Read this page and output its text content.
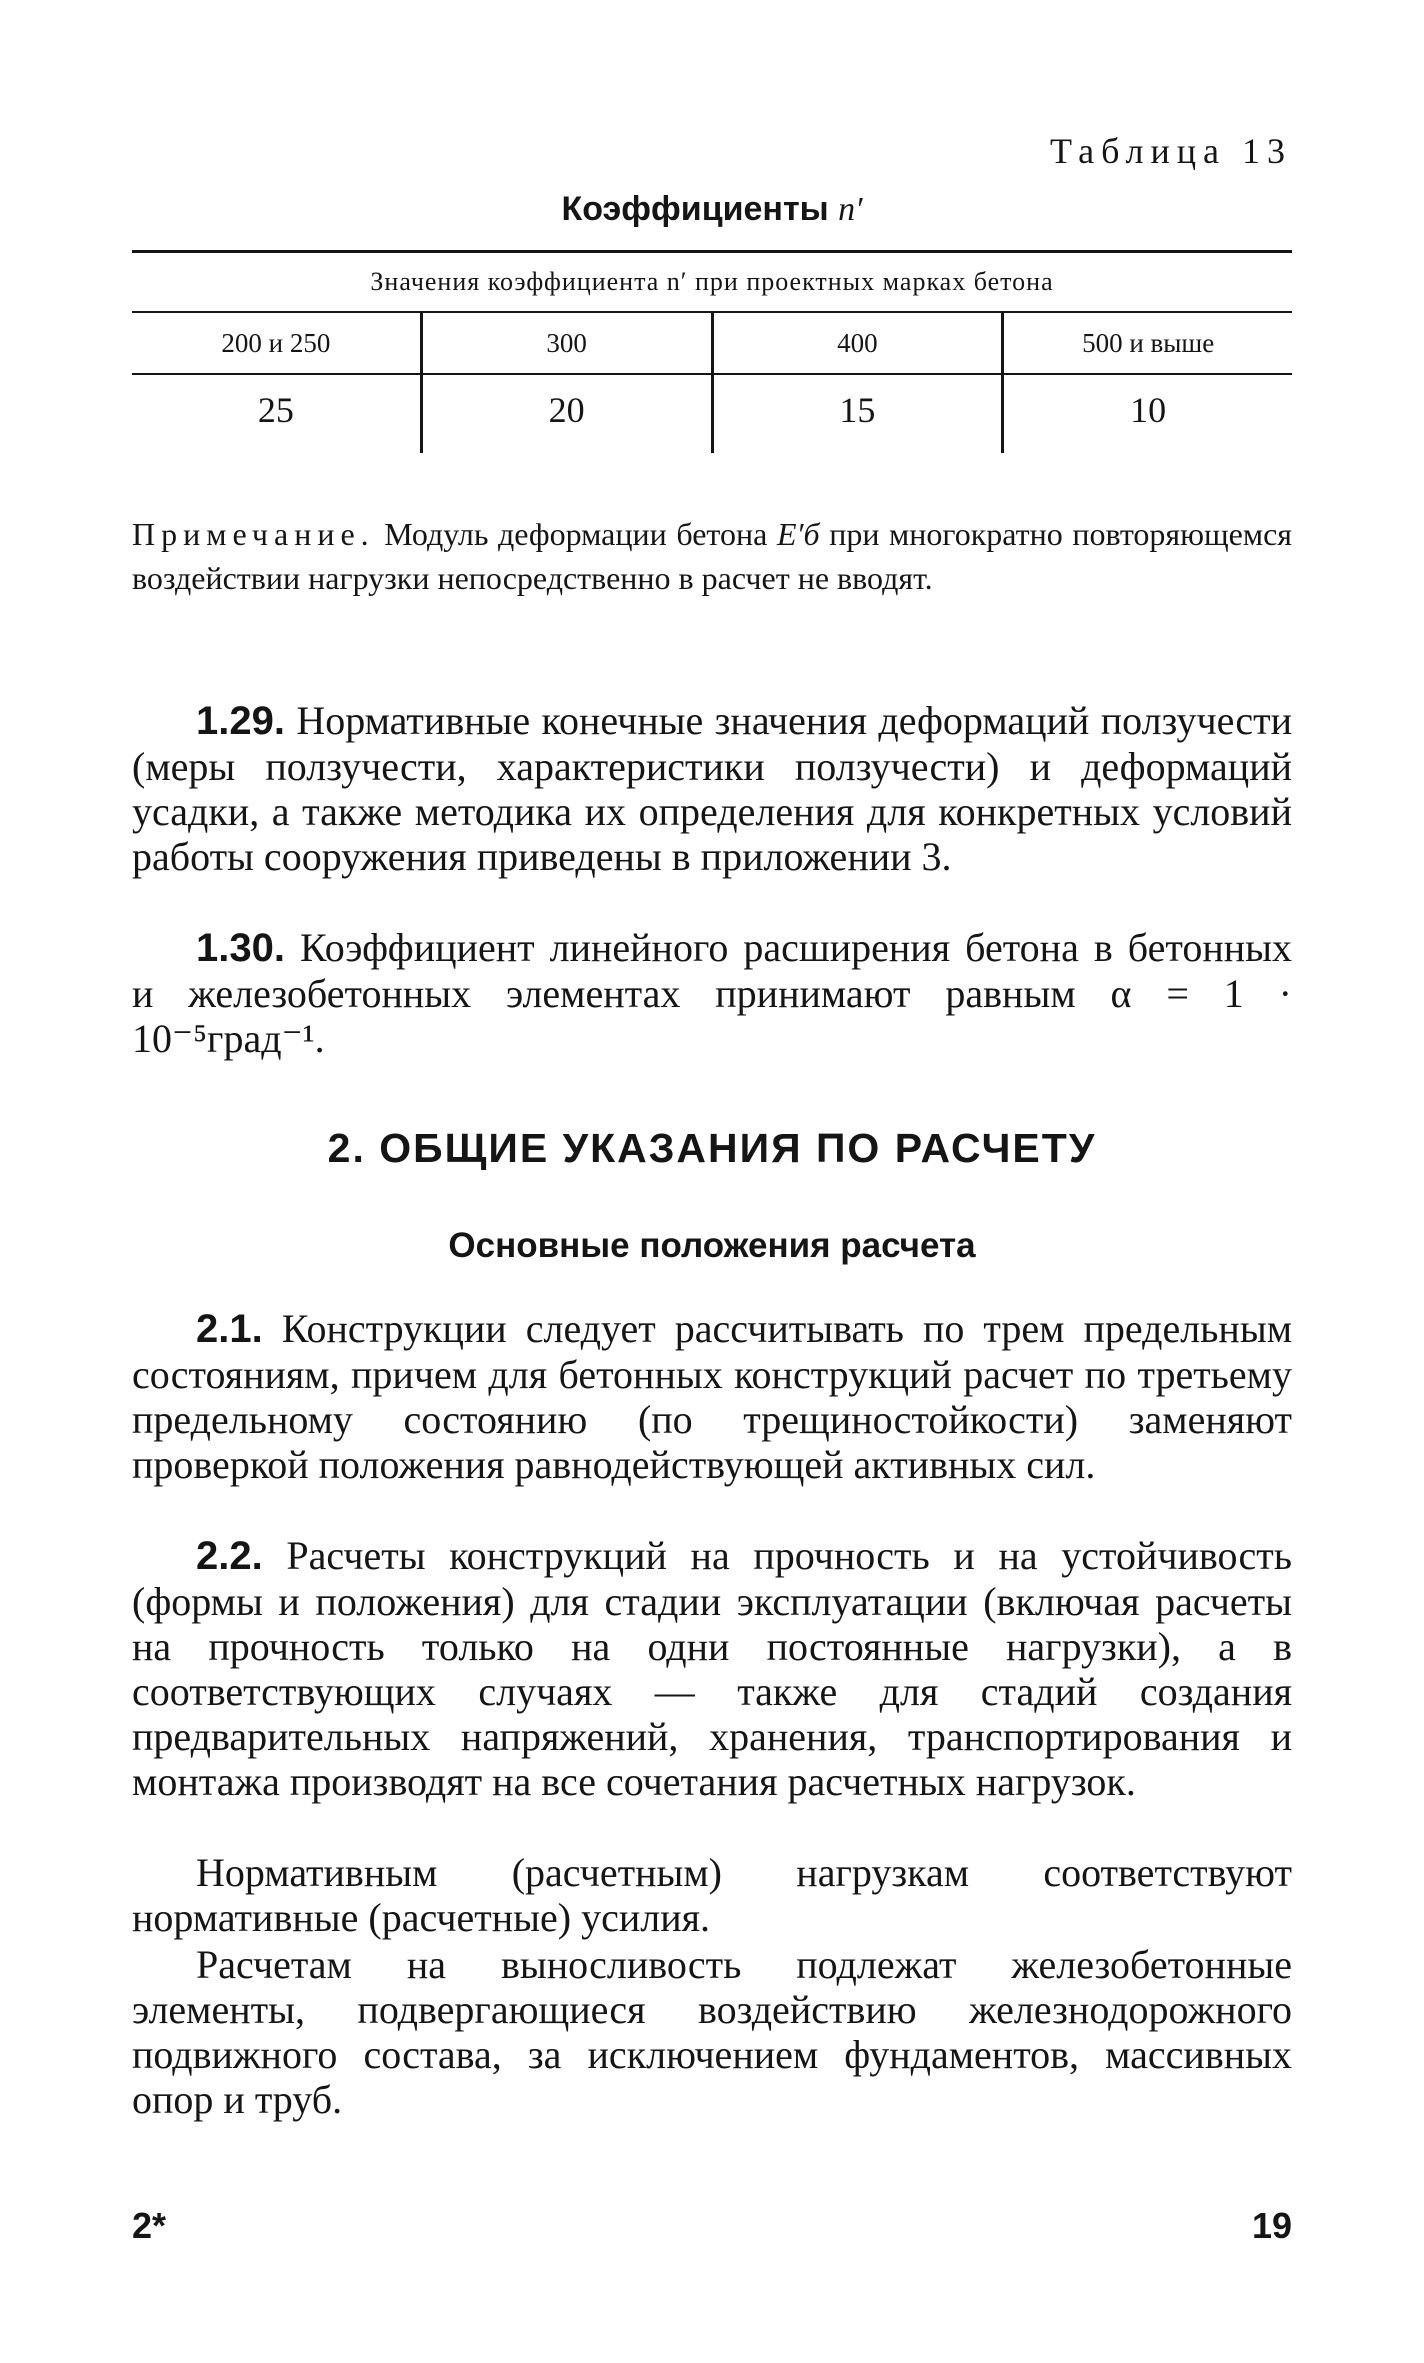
Таблица 13
Коэффициенты n′
Значения коэффициента n′ при проектных марках бетона
200 и 250	300	400	500 и выше
25	20	15	10

Примечание. Модуль деформации бетона E′б при многократно повторяющемся воздействии нагрузки непосредственно в расчет не вводят.

1.29. Нормативные конечные значения деформаций ползучести (меры ползучести, характеристики ползучести) и деформаций усадки, а также методика их определения для конкретных условий работы сооружения приведены в приложении 3.

1.30. Коэффициент линейного расширения бетона в бетонных и железобетонных элементах принимают равным α = 1 · 10⁻⁵град⁻¹.

2. ОБЩИЕ УКАЗАНИЯ ПО РАСЧЕТУ
Основные положения расчета

2.1. Конструкции следует рассчитывать по трем предельным состояниям, причем для бетонных конструкций расчет по третьему предельному состоянию (по трещиностойкости) заменяют проверкой положения равнодействующей активных сил.

2.2. Расчеты конструкций на прочность и на устойчивость (формы и положения) для стадии эксплуатации (включая расчеты на прочность только на одни постоянные нагрузки), а в соответствующих случаях — также для стадий создания предварительных напряжений, хранения, транспортирования и монтажа производят на все сочетания расчетных нагрузок.

Нормативным (расчетным) нагрузкам соответствуют нормативные (расчетные) усилия.

Расчетам на выносливость подлежат железобетонные элементы, подвергающиеся воздействию железнодорожного подвижного состава, за исключением фундаментов, массивных опор и труб.

2*	19
